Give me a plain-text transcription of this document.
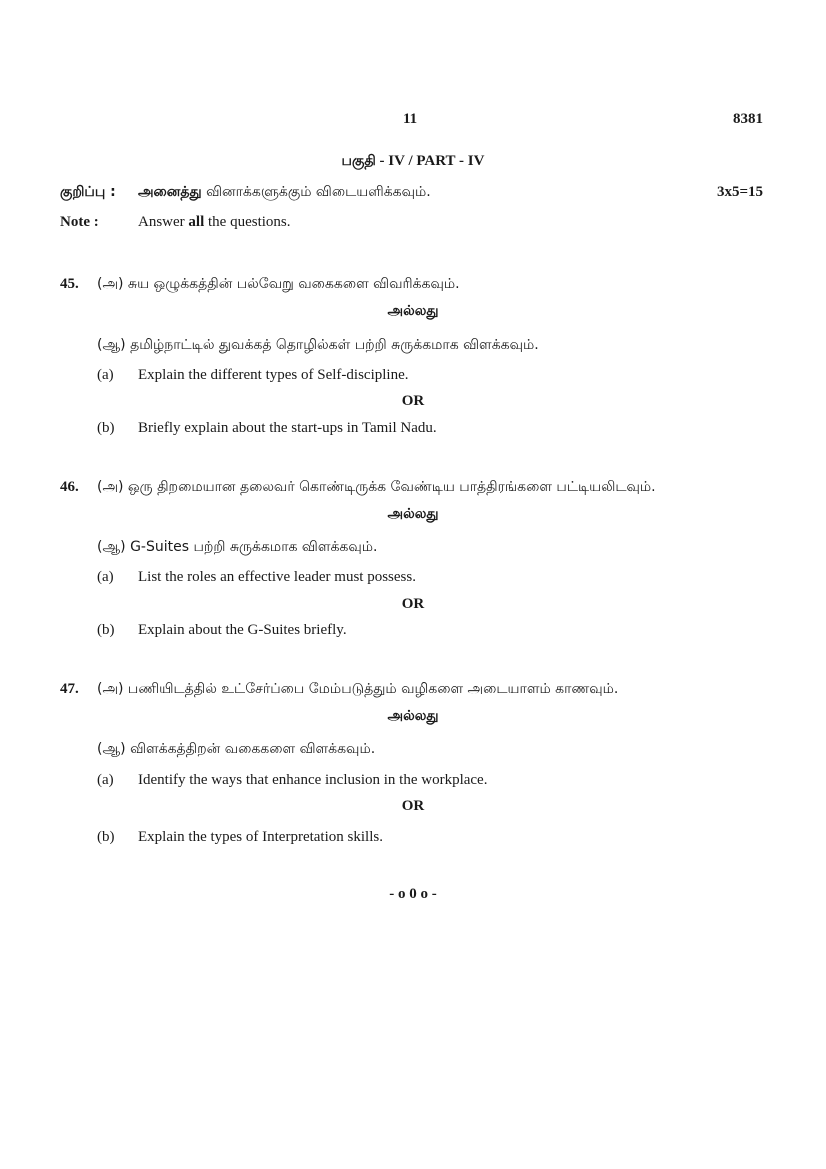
11	8381
பகுதி - IV / PART - IV
குறிப்பு : அனைத்து வினாக்களுக்கும் விடையளிக்கவும்.	3x5=15
Note :	Answer all the questions.
45. (அ) சுய ஒழுக்கத்தின் பல்வேறு வகைகளை விவரிக்கவும்.
அல்லது
(ஆ) தமிழ்நாட்டில் துவக்கத் தொழில்கள் பற்றி சுருக்கமாக விளக்கவும்.
(a) Explain the different types of Self-discipline.
OR
(b) Briefly explain about the start-ups in Tamil Nadu.
46. (அ) ஒரு திறமையான தலைவர் கொண்டிருக்க வேண்டிய பாத்திரங்களை பட்டியலிடவும்.
அல்லது
(ஆ) G-Suites பற்றி சுருக்கமாக விளக்கவும்.
(a) List the roles an effective leader must possess.
OR
(b) Explain about the G-Suites briefly.
47. (அ) பணியிடத்தில் உட்சேர்ப்பை மேம்படுத்தும் வழிகளை அடையாளம் காணவும்.
அல்லது
(ஆ) விளக்கத்திறன் வகைகளை விளக்கவும்.
(a) Identify the ways that enhance inclusion in the workplace.
OR
(b) Explain the types of Interpretation skills.
- o 0 o -
